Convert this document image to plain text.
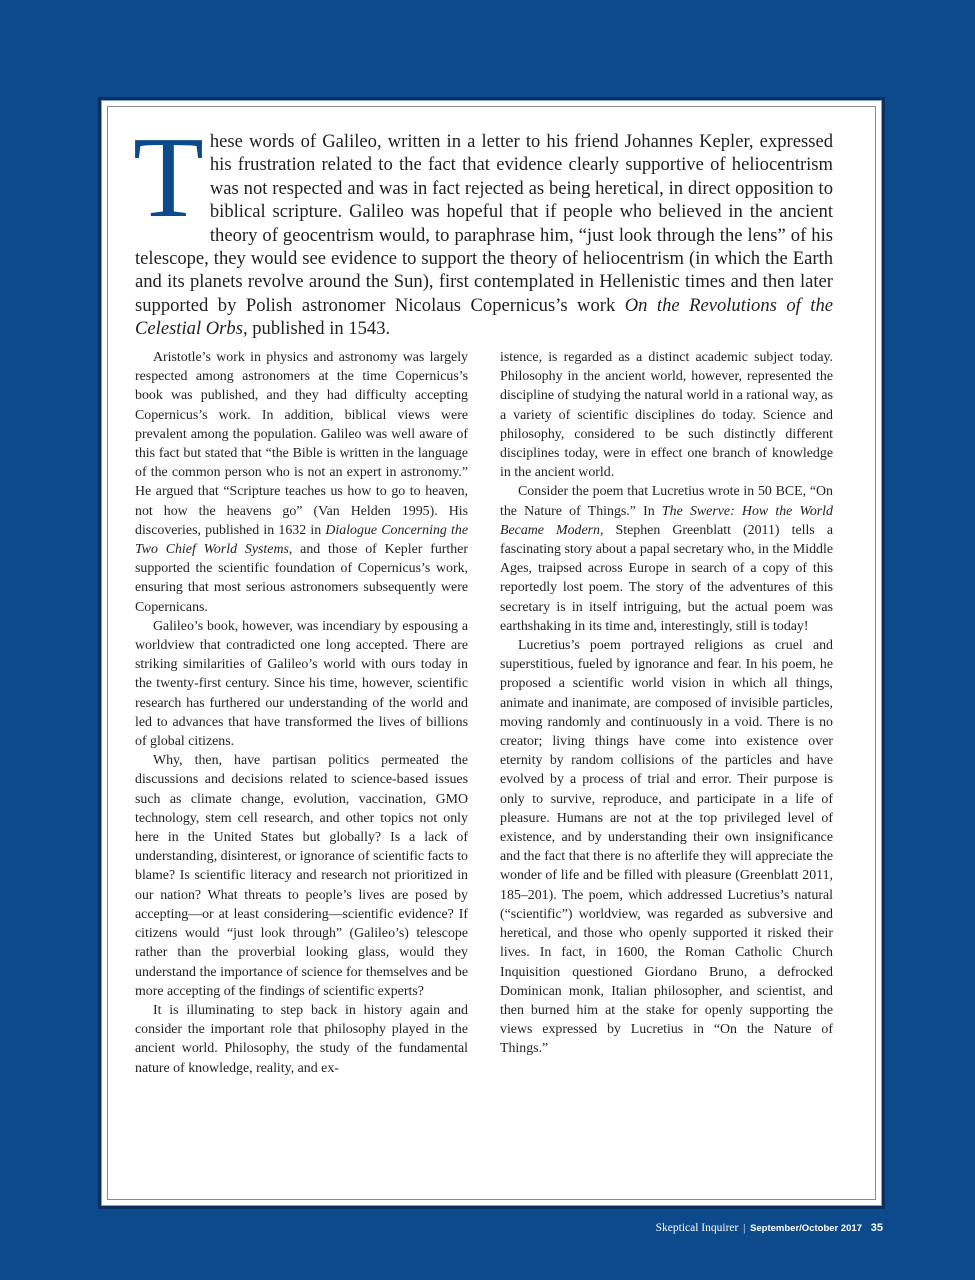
These words of Galileo, written in a letter to his friend Johannes Kepler, expressed his frustration related to the fact that evidence clearly supportive of heliocentrism was not respected and was in fact rejected as being heretical, in direct opposition to biblical scripture. Galileo was hopeful that if people who believed in the ancient theory of geocentrism would, to paraphrase him, “just look through the lens” of his telescope, they would see evidence to support the theory of heliocentrism (in which the Earth and its planets revolve around the Sun), first contemplated in Hellenistic times and then later supported by Polish astronomer Nicolaus Copernicus’s work On the Revolutions of the Celestial Orbs, published in 1543.

Aristotle’s work in physics and astronomy was largely respected among astronomers at the time Copernicus’s book was published, and they had difficulty accepting Copernicus’s work. In addition, biblical views were prevalent among the population. Galileo was well aware of this fact but stated that “the Bible is written in the language of the common person who is not an expert in astronomy.” He argued that “Scripture teaches us how to go to heaven, not how the heavens go” (Van Helden 1995). His discoveries, published in 1632 in Dialogue Concerning the Two Chief World Systems, and those of Kepler further supported the scientific foundation of Copernicus’s work, ensuring that most serious astronomers subsequently were Copernicans.

Galileo’s book, however, was incendiary by espousing a worldview that contradicted one long accepted. There are striking similarities of Galileo’s world with ours today in the twenty-first century. Since his time, however, scientific research has furthered our understanding of the world and led to advances that have transformed the lives of billions of global citizens.

Why, then, have partisan politics permeated the discussions and decisions related to science-based issues such as climate change, evolution, vaccination, GMO technology, stem cell research, and other topics not only here in the United States but globally? Is a lack of understanding, disinterest, or ignorance of scientific facts to blame? Is scientific literacy and research not prioritized in our nation? What threats to people’s lives are posed by accepting—or at least considering—scientific evidence? If citizens would “just look through” (Galileo’s) telescope rather than the proverbial looking glass, would they understand the importance of science for themselves and be more accepting of the findings of scientific experts?

It is illuminating to step back in history again and consider the important role that philosophy played in the ancient world. Philosophy, the study of the fundamental nature of knowledge, reality, and ex-

istence, is regarded as a distinct academic subject today. Philosophy in the ancient world, however, represented the discipline of studying the natural world in a rational way, as a variety of scientific disciplines do today. Science and philosophy, considered to be such distinctly different disciplines today, were in effect one branch of knowledge in the ancient world.

Consider the poem that Lucretius wrote in 50 BCE, “On the Nature of Things.” In The Swerve: How the World Became Modern, Stephen Greenblatt (2011) tells a fascinating story about a papal secretary who, in the Middle Ages, traipsed across Europe in search of a copy of this reportedly lost poem. The story of the adventures of this secretary is in itself intriguing, but the actual poem was earthshaking in its time and, interestingly, still is today!

Lucretius’s poem portrayed religions as cruel and superstitious, fueled by ignorance and fear. In his poem, he proposed a scientific world vision in which all things, animate and inanimate, are composed of invisible particles, moving randomly and continuously in a void. There is no creator; living things have come into existence over eternity by random collisions of the particles and have evolved by a process of trial and error. Their purpose is only to survive, reproduce, and participate in a life of pleasure. Humans are not at the top privileged level of existence, and by understanding their own insignificance and the fact that there is no afterlife they will appreciate the wonder of life and be filled with pleasure (Greenblatt 2011, 185–201). The poem, which addressed Lucretius’s natural (“scientific”) worldview, was regarded as subversive and heretical, and those who openly supported it risked their lives. In fact, in 1600, the Roman Catholic Church Inquisition questioned Giordano Bruno, a defrocked Dominican monk, Italian philosopher, and scientist, and then burned him at the stake for openly supporting the views expressed by Lucretius in “On the Nature of Things.”

Skeptical Inquirer | September/October 2017 35
